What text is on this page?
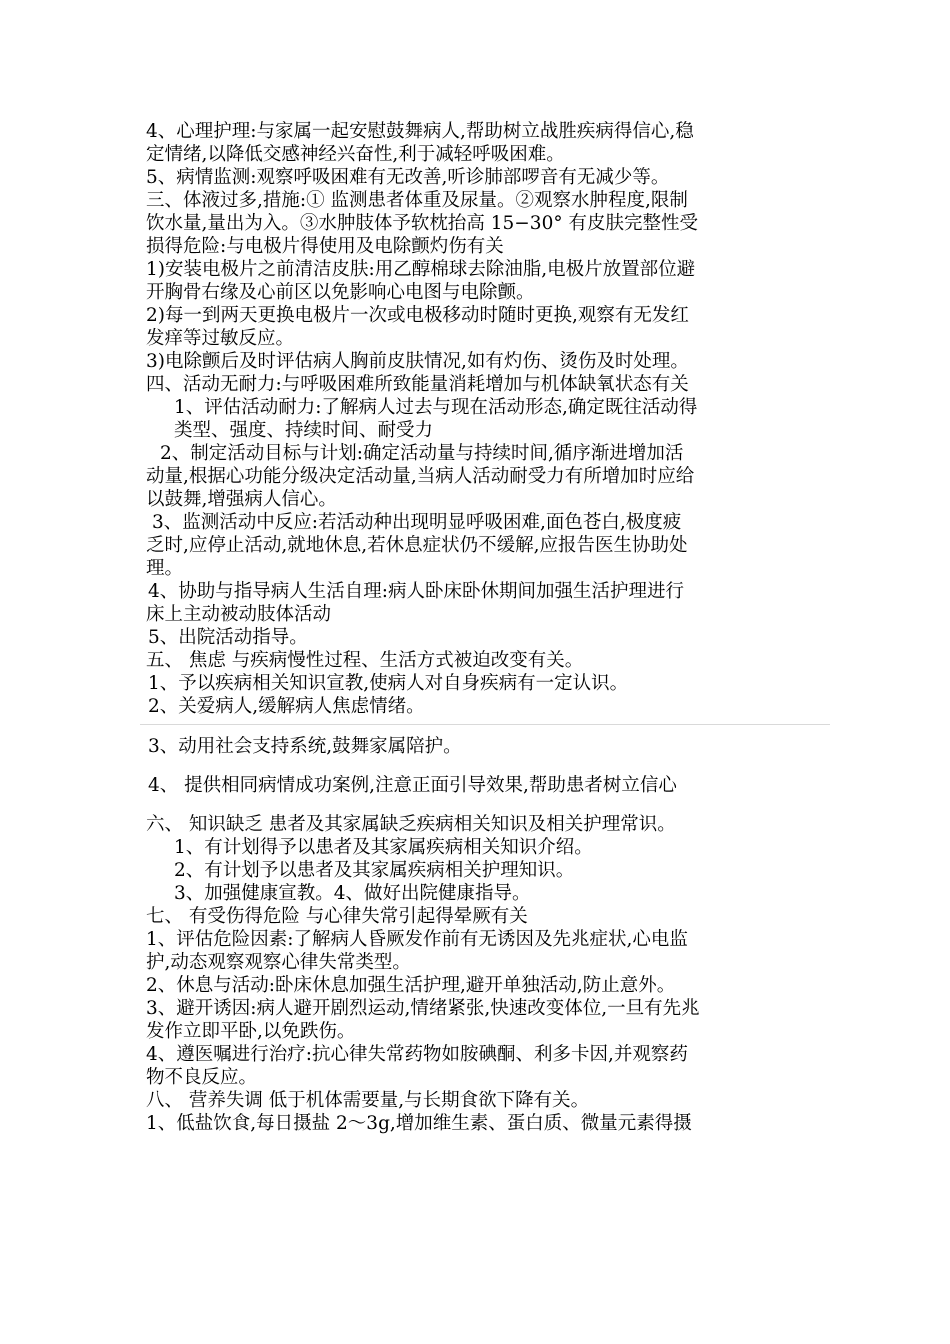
4、心理护理:与家属一起安慰鼓舞病人,帮助树立战胜疾病得信心,稳
定情绪,以降低交感神经兴奋性,利于减轻呼吸困难。
5、病情监测:观察呼吸困难有无改善,听诊肺部啰音有无减少等。
三、体液过多,措施:① 监测患者体重及尿量。②观察水肿程度,限制
饮水量,量出为入。③水肿肢体予软枕抬高 15−30° 有皮肤完整性受
损得危险:与电极片得使用及电除颤灼伤有关
1)安装电极片之前清洁皮肤:用乙醇棉球去除油脂,电极片放置部位避
开胸骨右缘及心前区以免影响心电图与电除颤。
2)每一到两天更换电极片一次或电极移动时随时更换,观察有无发红
发痒等过敏反应。
3)电除颤后及时评估病人胸前皮肤情况,如有灼伤、烫伤及时处理。
四、活动无耐力:与呼吸困难所致能量消耗增加与机体缺氧状态有关
1、评估活动耐力:了解病人过去与现在活动形态,确定既往活动得
类型、强度、持续时间、耐受力
2、制定活动目标与计划:确定活动量与持续时间,循序渐进增加活
动量,根据心功能分级决定活动量,当病人活动耐受力有所增加时应给
以鼓舞,增强病人信心。
3、监测活动中反应:若活动种出现明显呼吸困难,面色苍白,极度疲
乏时,应停止活动,就地休息,若休息症状仍不缓解,应报告医生协助处
理。
4、协助与指导病人生活自理:病人卧床卧休期间加强生活护理进行
床上主动被动肢体活动
5、出院活动指导。
五、 焦虑 与疾病慢性过程、生活方式被迫改变有关。
1、予以疾病相关知识宣教,使病人对自身疾病有一定认识。
2、关爱病人,缓解病人焦虑情绪。
3、动用社会支持系统,鼓舞家属陪护。
4、 提供相同病情成功案例,注意正面引导效果,帮助患者树立信心
六、 知识缺乏 患者及其家属缺乏疾病相关知识及相关护理常识。
1、有计划得予以患者及其家属疾病相关知识介绍。
2、有计划予以患者及其家属疾病相关护理知识。
3、加强健康宣教。4、做好出院健康指导。
七、 有受伤得危险 与心律失常引起得晕厥有关
1、评估危险因素:了解病人昏厥发作前有无诱因及先兆症状,心电监
护,动态观察观察心律失常类型。
2、休息与活动:卧床休息加强生活护理,避开单独活动,防止意外。
3、避开诱因:病人避开剧烈运动,情绪紧张,快速改变体位,一旦有先兆
发作立即平卧,以免跌伤。
4、遵医嘱进行治疗:抗心律失常药物如胺碘酮、利多卡因,并观察药
物不良反应。
八、 营养失调 低于机体需要量,与长期食欲下降有关。
1、低盐饮食,每日摄盐 2～3g,增加维生素、蛋白质、微量元素得摄
